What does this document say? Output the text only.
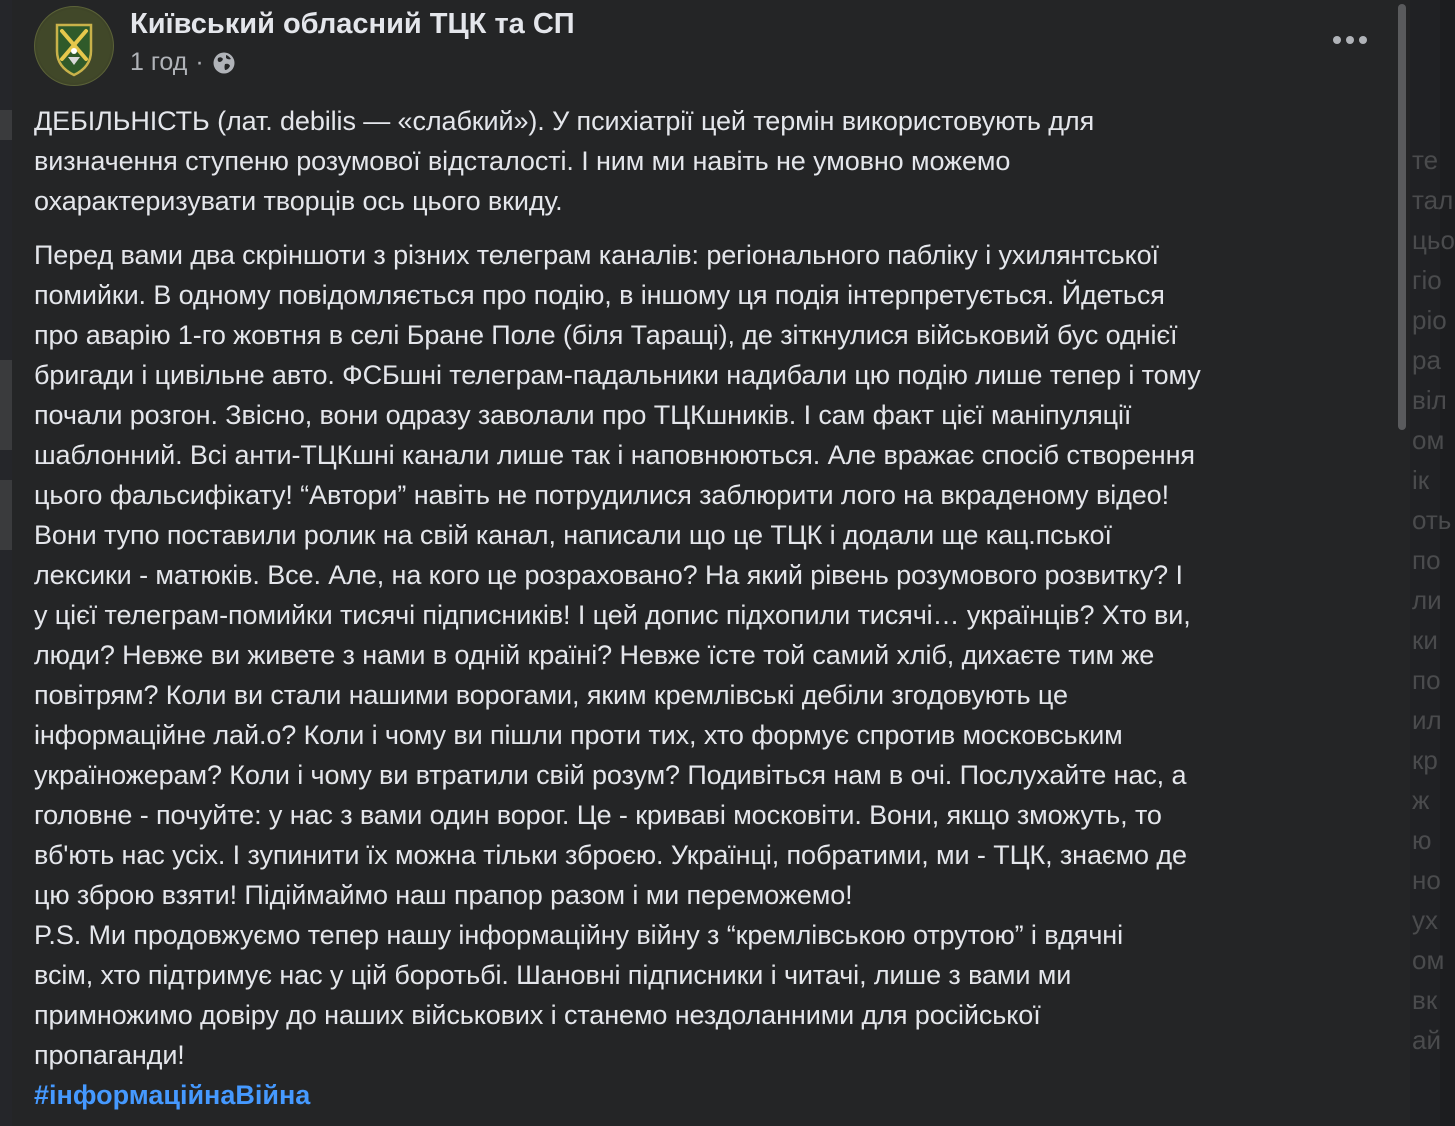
те
тал
цьо
гіо
ріо
ра
віл
ом
ік
оть
по
ли
ки
по
ил
кр
ж
ю
но
ух
ом
вк
ай
Київський обласний ТЦК та СП
1 год ·
ДЕБІЛЬНІСТЬ (лат. debilis — «слабкий»). У психіатрії цей термін використовують для
визначення ступеню розумової відсталості. І ним ми навіть не умовно можемо
охарактеризувати творців ось цього вкиду.
Перед вами два скріншоти з різних телеграм каналів: регіонального пабліку і ухилянтської
помийки. В одному повідомляється про подію, в іншому ця подія інтерпретується. Йдеться
про аварію 1-го жовтня в селі Бране Поле (біля Таращі), де зіткнулися військовий бус однієї
бригади і цивільне авто. ФСБшні телеграм-падальники надибали цю подію лише тепер і тому
почали розгон. Звісно, вони одразу заволали про ТЦКшників. І сам факт цієї маніпуляції
шаблонний. Всі анти-ТЦКшні канали лише так і наповнюються. Але вражає спосіб створення
цього фальсифікату! “Автори” навіть не потрудилися заблюрити лого на вкраденому відео!
Вони тупо поставили ролик на свій канал, написали що це ТЦК і додали ще кац.пської
лексики - матюків. Все. Але, на кого це розраховано? На який рівень розумового розвитку? І
у цієї телеграм-помийки тисячі підписників! І цей допис підхопили тисячі… українців? Хто ви,
люди? Невже ви живете з нами в одній країні? Невже їсте той самий хліб, дихаєте тим же
повітрям? Коли ви стали нашими ворогами, яким кремлівські дебіли згодовують це
інформаційне лай.о? Коли і чому ви пішли проти тих, хто формує спротив московським
україножерам? Коли і чому ви втратили свій розум? Подивіться нам в очі. Послухайте нас, а
головне - почуйте: у нас з вами один ворог. Це - криваві московіти. Вони, якщо зможуть, то
вб'ють нас усіх. І зупинити їх можна тільки зброєю. Українці, побратими, ми - ТЦК, знаємо де
цю зброю взяти! Підіймаймо наш прапор разом і ми переможемо!
P.S. Ми продовжуємо тепер нашу інформаційну війну з “кремлівською отрутою” і вдячні
всім, хто підтримує нас у цій боротьбі. Шановні підписники і читачі, лише з вами ми
примножимо довіру до наших військових і станемо нездоланними для російської
пропаганди!
#інформаційнаВійна
